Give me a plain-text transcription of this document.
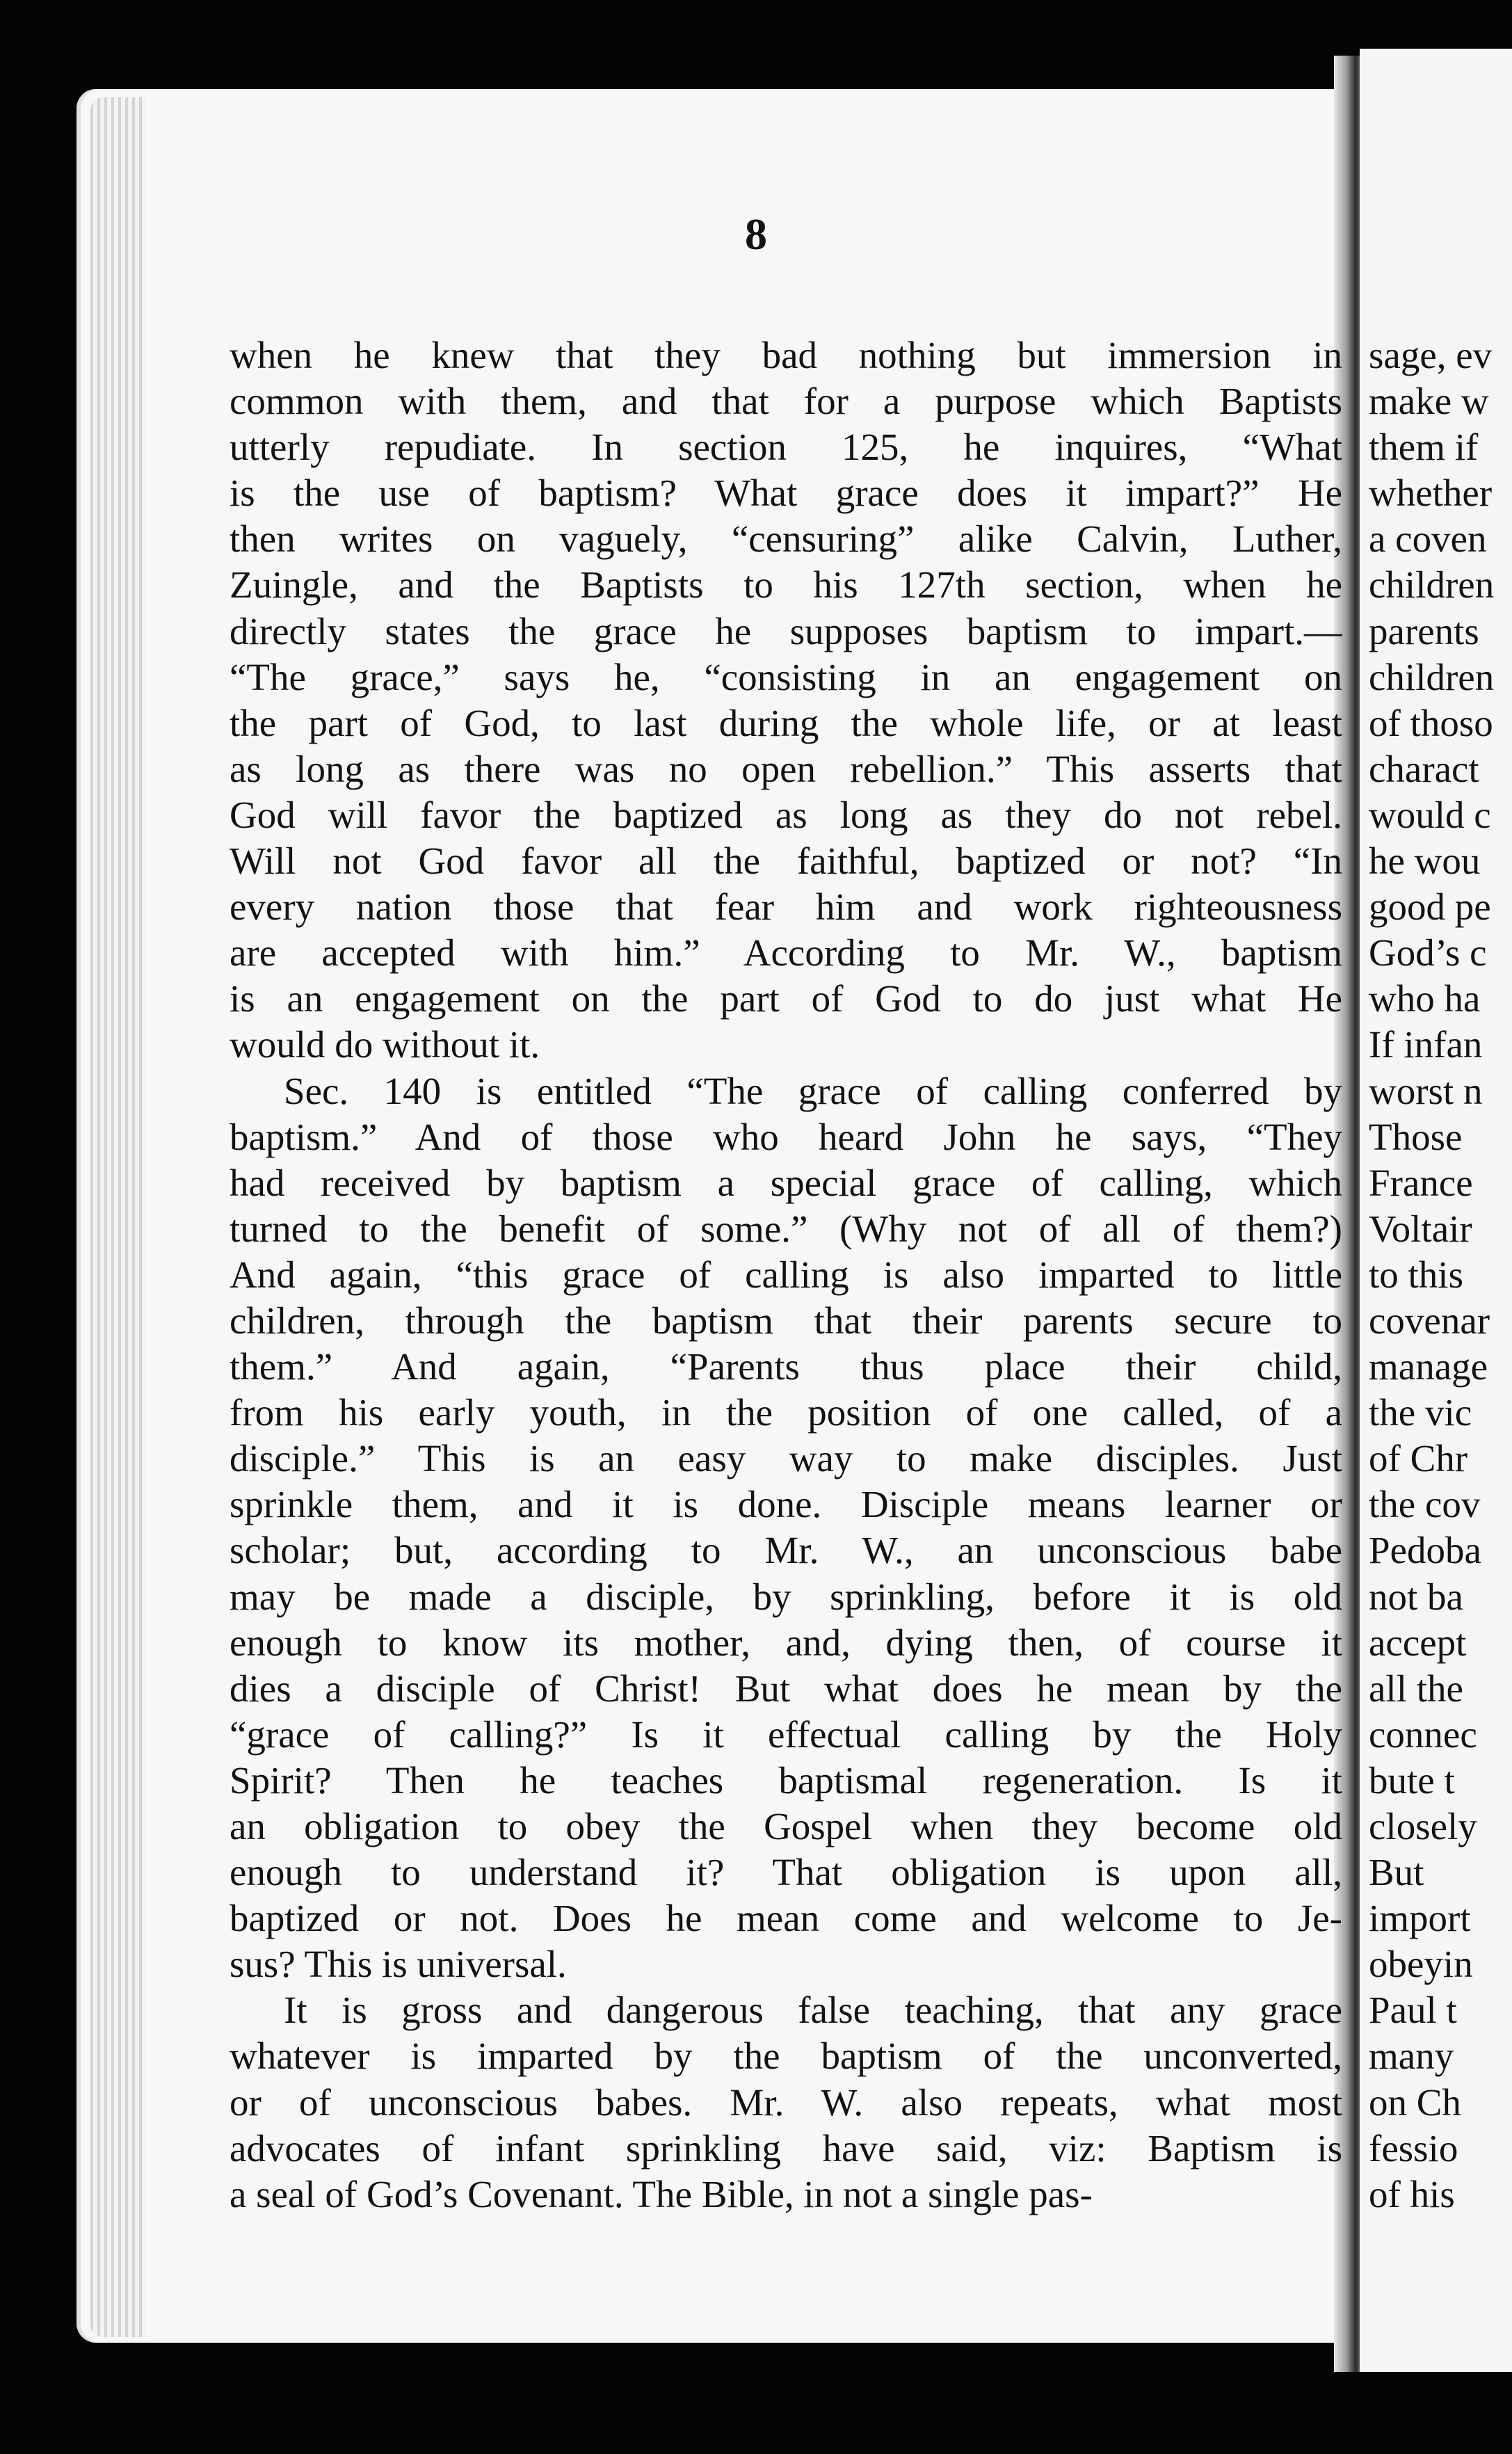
8
when he knew that they bad nothing but immersion in
common with them, and that for a purpose which Baptists
utterly repudiate. In section 125, he inquires, “What
is the use of baptism? What grace does it impart?” He
then writes on vaguely, “censuring” alike Calvin, Luther,
Zuingle, and the Baptists to his 127th section, when he
directly states the grace he supposes baptism to impart.—
“The grace,” says he, “consisting in an engagement on
the part of God, to last during the whole life, or at least
as long as there was no open rebellion.” This asserts that
God will favor the baptized as long as they do not rebel.
Will not God favor all the faithful, baptized or not? “In
every nation those that fear him and work righteousness
are accepted with him.” According to Mr. W., baptism
is an engagement on the part of God to do just what He
would do without it.
Sec. 140 is entitled “The grace of calling conferred by
baptism.” And of those who heard John he says, “They
had received by baptism a special grace of calling, which
turned to the benefit of some.” (Why not of all of them?)
And again, “this grace of calling is also imparted to little
children, through the baptism that their parents secure to
them.” And again, “Parents thus place their child,
from his early youth, in the position of one called, of a
disciple.” This is an easy way to make disciples. Just
sprinkle them, and it is done. Disciple means learner or
scholar; but, according to Mr. W., an unconscious babe
may be made a disciple, by sprinkling, before it is old
enough to know its mother, and, dying then, of course it
dies a disciple of Christ! But what does he mean by the
“grace of calling?” Is it effectual calling by the Holy
Spirit? Then he teaches baptismal regeneration. Is it
an obligation to obey the Gospel when they become old
enough to understand it? That obligation is upon all,
baptized or not. Does he mean come and welcome to Je-
sus? This is universal.
It is gross and dangerous false teaching, that any grace
whatever is imparted by the baptism of the unconverted,
or of unconscious babes. Mr. W. also repeats, what most
advocates of infant sprinkling have said, viz: Baptism is
a seal of God’s Covenant. The Bible, in not a single pas-
sage, ev
make w
them if
whether
a coven
children
parents
children
of thoso
charact
would c
he wou
good pe
God’s c
who ha
If infan
worst n
Those
France
Voltair
to this
covenar
manage
the vic
of Chr
the cov
Pedoba
not ba
accept
all the
connec
bute t
closely
But
import
obeyin
Paul t
many
on Ch
fessio
of his
